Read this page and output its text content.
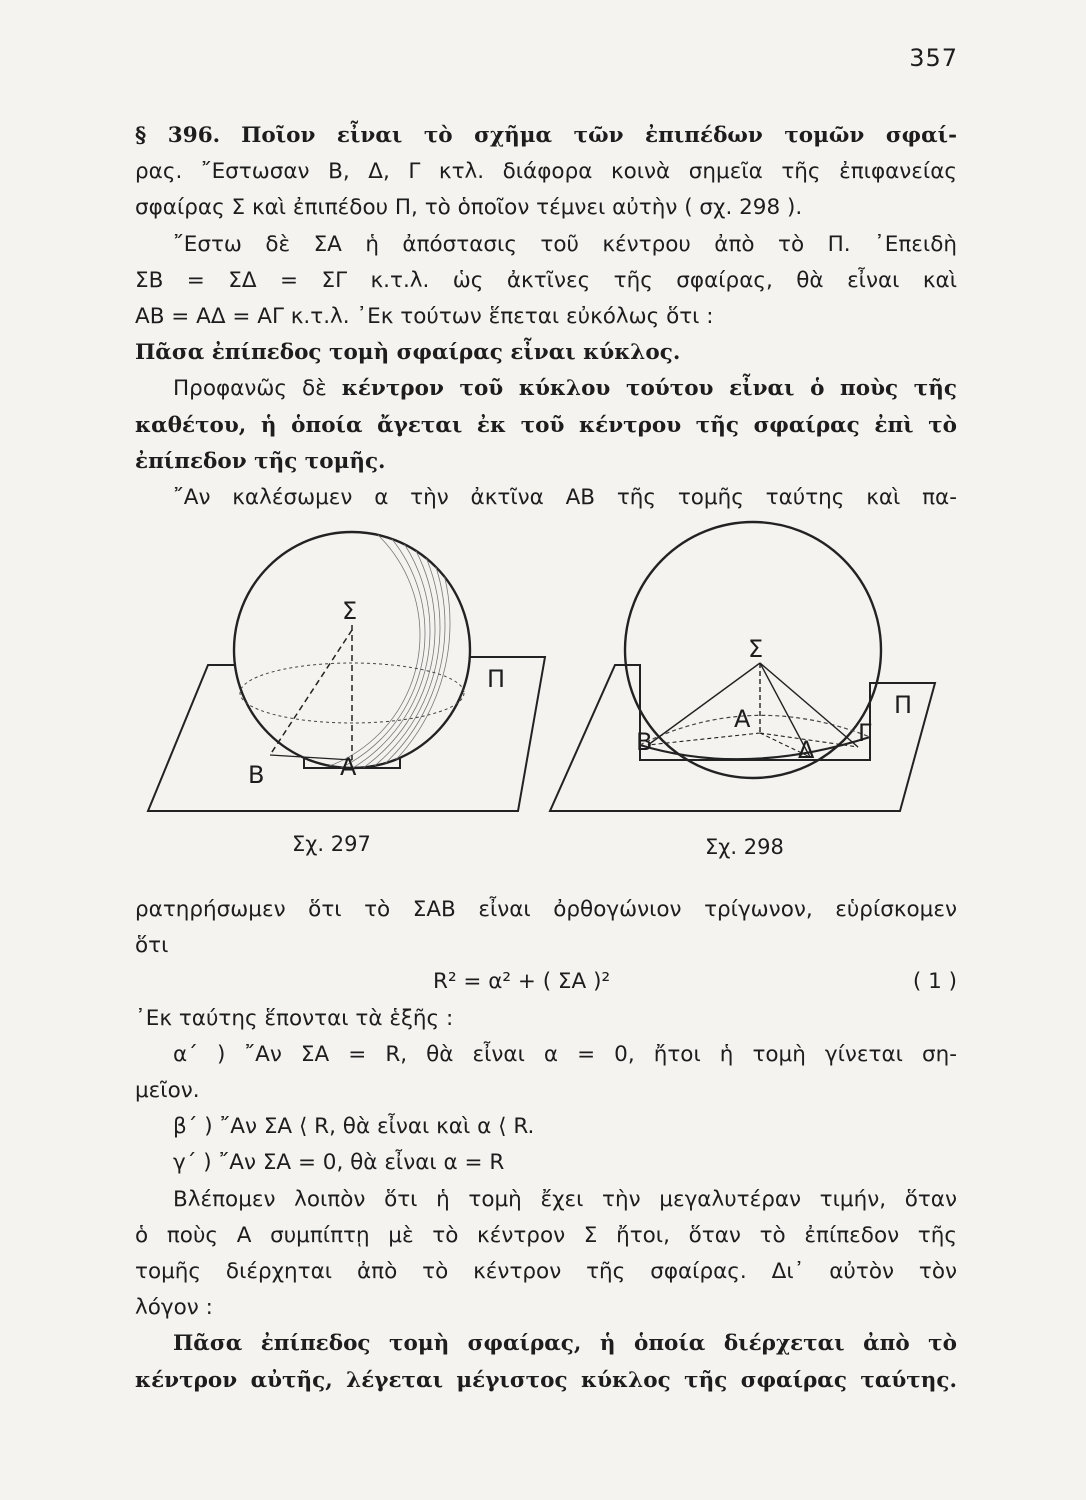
357
§ 396. Ποῖον εἶναι τὸ σχῆμα τῶν ἐπιπέδων τομῶν σφαί-
ρας. ῎Εστωσαν Β, Δ, Γ κτλ. διάφορα κοινὰ σημεῖα τῆς ἐπιφανείας
σφαίρας Σ καὶ ἐπιπέδου Π, τὸ ὁποῖον τέμνει αὐτὴν ( σχ. 298 ).
῎Εστω δὲ ΣΑ ἡ ἀπόστασις τοῦ κέντρου ἀπὸ τὸ Π. ᾿Επειδὴ
ΣΒ = ΣΔ = ΣΓ κ.τ.λ. ὡς ἀκτῖνες τῆς σφαίρας, θὰ εἶναι καὶ
ΑΒ = ΑΔ = ΑΓ κ.τ.λ. ᾿Εκ τούτων ἕπεται εὐκόλως ὅτι :
Πᾶσα ἐπίπεδος τομὴ σφαίρας εἶναι κύκλος.
Προφανῶς δὲ κέντρον τοῦ κύκλου τούτου εἶναι ὁ ποὺς τῆς
καθέτου, ἡ ὁποία ἄγεται ἐκ τοῦ κέντρου τῆς σφαίρας ἐπὶ τὸ
ἐπίπεδον τῆς τομῆς.
῎Αν καλέσωμεν α τὴν ἀκτῖνα ΑΒ τῆς τομῆς ταύτης καὶ πα-
Σ
Π
Β	Α
Σχ. 297
Σ
Π
Β
Α
Δ
Γ
Σχ. 298
ρατηρήσωμεν ὅτι τὸ ΣΑΒ εἶναι ὀρθογώνιον τρίγωνον, εὑρίσκομεν
ὅτι
R² = α² + ( ΣΑ )²	( 1 )
᾿Εκ ταύτης ἕπονται τὰ ἑξῆς :
α΄ ) ῎Αν ΣΑ = R, θὰ εἶναι α = 0, ἤτοι ἡ τομὴ γίνεται ση-
μεῖον.
β΄ ) ῎Αν ΣΑ ⟨ R, θὰ εἶναι καὶ α ⟨ R.
γ΄ ) ῎Αν ΣΑ = 0, θὰ εἶναι α = R
Βλέπομεν λοιπὸν ὅτι ἡ τομὴ ἔχει τὴν μεγαλυτέραν τιμήν, ὅταν
ὁ ποὺς Α συμπίπτῃ μὲ τὸ κέντρον Σ ἤτοι, ὅταν τὸ ἐπίπεδον τῆς
τομῆς διέρχηται ἀπὸ τὸ κέντρον τῆς σφαίρας. Δι᾿ αὐτὸν τὸν
λόγον :
Πᾶσα ἐπίπεδος τομὴ σφαίρας, ἡ ὁποία διέρχεται ἀπὸ τὸ
κέντρον αὐτῆς, λέγεται μέγιστος κύκλος τῆς σφαίρας ταύτης.
